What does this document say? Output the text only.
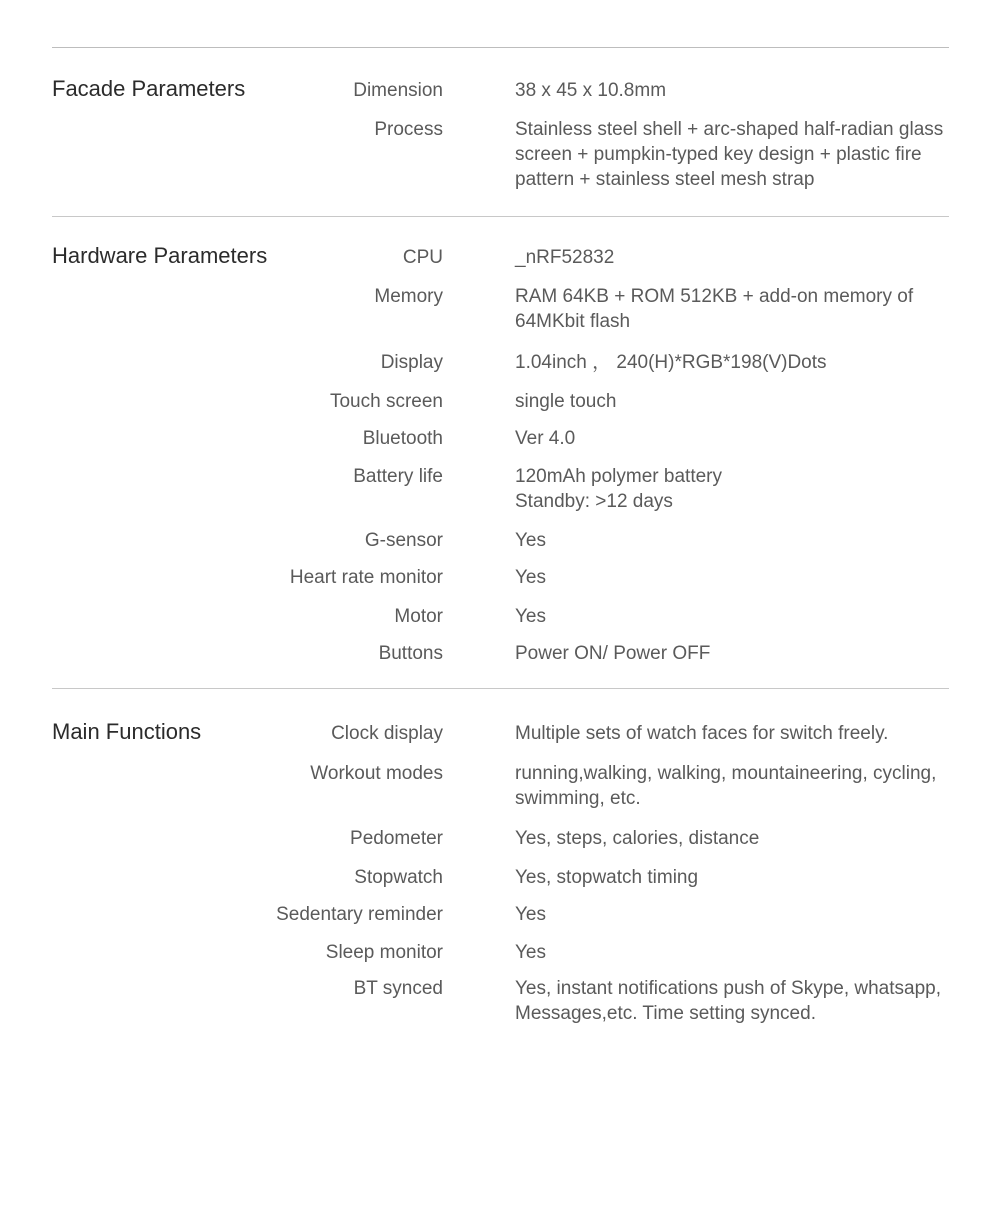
Facade Parameters	Dimension	38 x 45 x 10.8mm
Process	Stainless steel shell + arc-shaped half-radian glass
screen + pumpkin-typed key design + plastic fire
pattern + stainless steel mesh strap
Hardware Parameters	CPU	_nRF52832
Memory	RAM 64KB + ROM 512KB + add-on memory of
64MKbit flash
Display	1.04inch ， 240(H)*RGB*198(V)Dots
Touch screen	single touch
Bluetooth	Ver 4.0
Battery life	120mAh polymer battery
Standby: >12 days
G-sensor	Yes
Heart rate monitor	Yes
Motor	Yes
Buttons	Power ON/ Power OFF
Main Functions	Clock display	Multiple sets of watch faces for switch freely.
Workout modes	running,walking, walking, mountaineering, cycling,
swimming, etc.
Pedometer	Yes, steps, calories, distance
Stopwatch	Yes, stopwatch timing
Sedentary reminder	Yes
Sleep monitor	Yes
BT synced	Yes, instant notifications push of Skype, whatsapp,
Messages,etc. Time setting synced.
